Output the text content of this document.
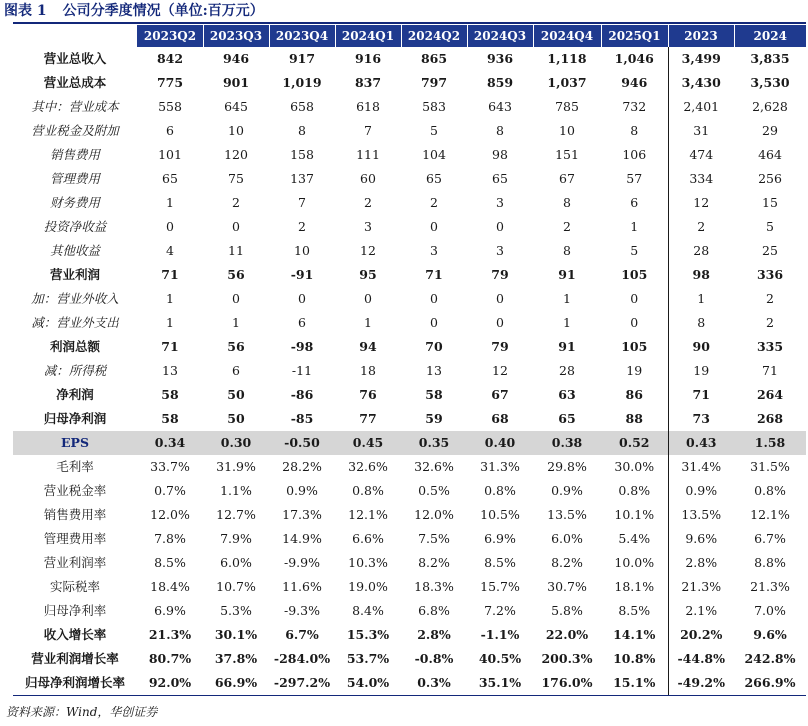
图表 1 公司分季度情况（单位:百万元）
	2023Q2	2023Q3	2023Q4	2024Q1	2024Q2	2024Q3	2024Q4	2025Q1	2023	2024
营业总收入	842	946	917	916	865	936	1,118	1,046	3,499	3,835
营业总成本	775	901	1,019	837	797	859	1,037	946	3,430	3,530
其中：营业成本	558	645	658	618	583	643	785	732	2,401	2,628
营业税金及附加	6	10	8	7	5	8	10	8	31	29
销售费用	101	120	158	111	104	98	151	106	474	464
管理费用	65	75	137	60	65	65	67	57	334	256
财务费用	1	2	7	2	2	3	8	6	12	15
投资净收益	0	0	2	3	0	0	2	1	2	5
其他收益	4	11	10	12	3	3	8	5	28	25
营业利润	71	56	-91	95	71	79	91	105	98	336
加：营业外收入	1	0	0	0	0	0	1	0	1	2
减：营业外支出	1	1	6	1	0	0	1	0	8	2
利润总额	71	56	-98	94	70	79	91	105	90	335
减：所得税	13	6	-11	18	13	12	28	19	19	71
净利润	58	50	-86	76	58	67	63	86	71	264
归母净利润	58	50	-85	77	59	68	65	88	73	268
EPS	0.34	0.30	-0.50	0.45	0.35	0.40	0.38	0.52	0.43	1.58
毛利率	33.7%	31.9%	28.2%	32.6%	32.6%	31.3%	29.8%	30.0%	31.4%	31.5%
营业税金率	0.7%	1.1%	0.9%	0.8%	0.5%	0.8%	0.9%	0.8%	0.9%	0.8%
销售费用率	12.0%	12.7%	17.3%	12.1%	12.0%	10.5%	13.5%	10.1%	13.5%	12.1%
管理费用率	7.8%	7.9%	14.9%	6.6%	7.5%	6.9%	6.0%	5.4%	9.6%	6.7%
营业利润率	8.5%	6.0%	-9.9%	10.3%	8.2%	8.5%	8.2%	10.0%	2.8%	8.8%
实际税率	18.4%	10.7%	11.6%	19.0%	18.3%	15.7%	30.7%	18.1%	21.3%	21.3%
归母净利率	6.9%	5.3%	-9.3%	8.4%	6.8%	7.2%	5.8%	8.5%	2.1%	7.0%
收入增长率	21.3%	30.1%	6.7%	15.3%	2.8%	-1.1%	22.0%	14.1%	20.2%	9.6%
营业利润增长率	80.7%	37.8%	-284.0%	53.7%	-0.8%	40.5%	200.3%	10.8%	-44.8%	242.8%
归母净利润增长率	92.0%	66.9%	-297.2%	54.0%	0.3%	35.1%	176.0%	15.1%	-49.2%	266.9%
资料来源：Wind，华创证券
